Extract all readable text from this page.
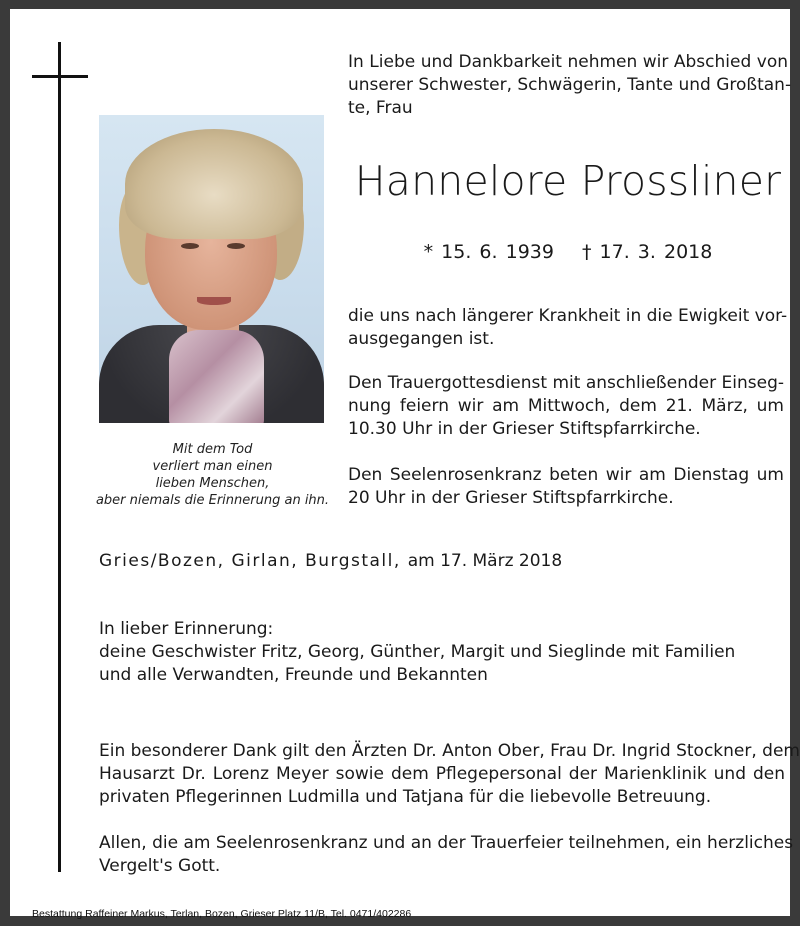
In Liebe und Dankbarkeit nehmen wir Abschied von
unserer Schwester, Schwägerin, Tante und Großtan-
te, Frau
Hannelore Prossliner
* 15. 6. 1939 † 17. 3. 2018
die uns nach längerer Krankheit in die Ewigkeit vor-
ausgegangen ist.
Den Trauergottesdienst mit anschließender Einseg-
nung feiern wir am Mittwoch, dem 21. März, um
10.30 Uhr in der Grieser Stiftspfarrkirche.
Den Seelenrosenkranz beten wir am Dienstag um
20 Uhr in der Grieser Stiftspfarrkirche.
Mit dem Tod
verliert man einen
lieben Menschen,
aber niemals die Erinnerung an ihn.
Gries/Bozen, Girlan, Burgstall, am 17. März 2018
In lieber Erinnerung:
deine Geschwister Fritz, Georg, Günther, Margit und Sieglinde mit Familien
und alle Verwandten, Freunde und Bekannten
Ein besonderer Dank gilt den Ärzten Dr. Anton Ober, Frau Dr. Ingrid Stockner, dem
Hausarzt Dr. Lorenz Meyer sowie dem Pflegepersonal der Marienklinik und den
privaten Pflegerinnen Ludmilla und Tatjana für die liebevolle Betreuung.
Allen, die am Seelenrosenkranz und an der Trauerfeier teilnehmen, ein herzliches
Vergelt's Gott.
Bestattung Raffeiner Markus, Terlan, Bozen, Grieser Platz 11/B, Tel. 0471/402286
